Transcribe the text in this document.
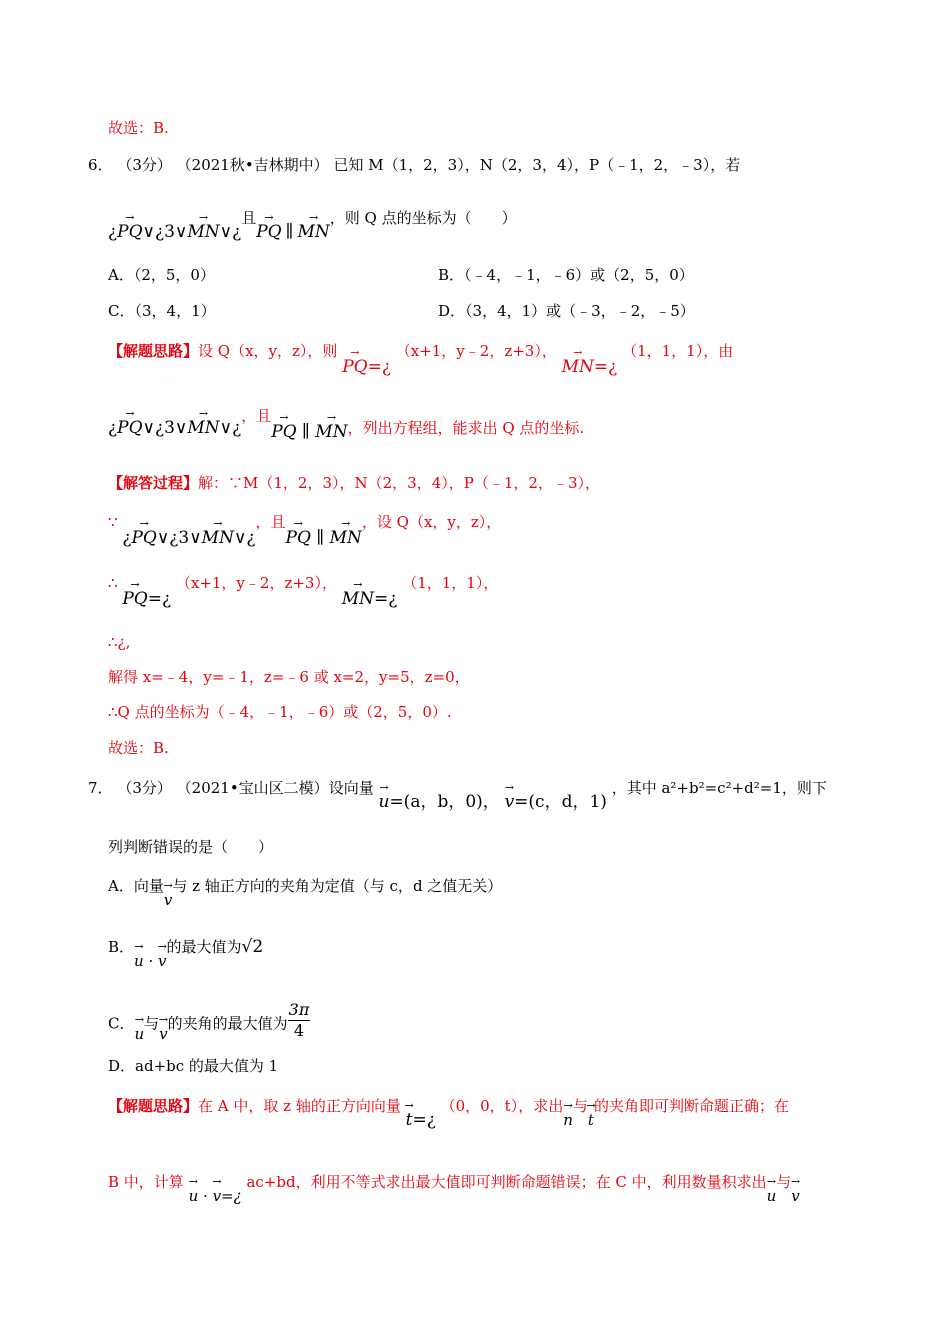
故选：B.
6． （3分） （2021秋•吉林期中） 已知 M（1，2，3），N（2，3，4），P（﹣1，2，﹣3），若
¿→ PQ∨¿3∨→ MN∨¿且→ PQ ∥ → MN，则 Q 点的坐标为（　　）
A．（2，5，0）	B．（﹣4，﹣1，﹣6）或（2，5，0）
C．（3，4，1）	D．（3，4，1）或（﹣3，﹣2，﹣5）
【解题思路】设 Q（x，y，z），则 → PQ=¿ （x+1，y﹣2，z+3）， → MN=¿ （1，1，1），由
¿→ PQ∨¿3∨→ MN∨¿，且→ PQ ∥ → MN，列出方程组，能求出 Q 点的坐标.
【解答过程】解：∵M（1，2，3），N（2，3，4），P（﹣1，2，﹣3），
∵ ¿→ PQ∨¿3∨→ MN∨¿，且→ PQ ∥ → MN，设 Q（x，y，z），
∴ → PQ=¿ （x+1，y﹣2，z+3）， → MN=¿ （1，1，1），
∴¿,
解得 x=﹣4，y=﹣1，z=﹣6 或 x=2，y=5，z=0，
∴Q 点的坐标为（﹣4，﹣1，﹣6）或（2，5，0）.
故选：B.
7． （3分） （2021•宝山区二模）设向量 → u=(a，b，0)， → v=(c，d，1) ，其中 a²+b²=c²+d²=1，则下
列判断错误的是（　　）
A．向量→ v与 z 轴正方向的夹角为定值（与 c，d 之值无关）
B．→ u · → v的最大值为√2
C．→ u与→ v的夹角的最大值为 $\frac{3\pi}{4}$
D．ad+bc 的最大值为 1
【解题思路】在 A 中，取 z 轴的正方向向量 → t=¿ （0，0，t），求出→ n与→ t的夹角即可判断命题正确；在
B 中，计算 → u · → v=¿ ac+bd，利用不等式求出最大值即可判断命题错误；在 C 中，利用数量积求出→ u与→ v
